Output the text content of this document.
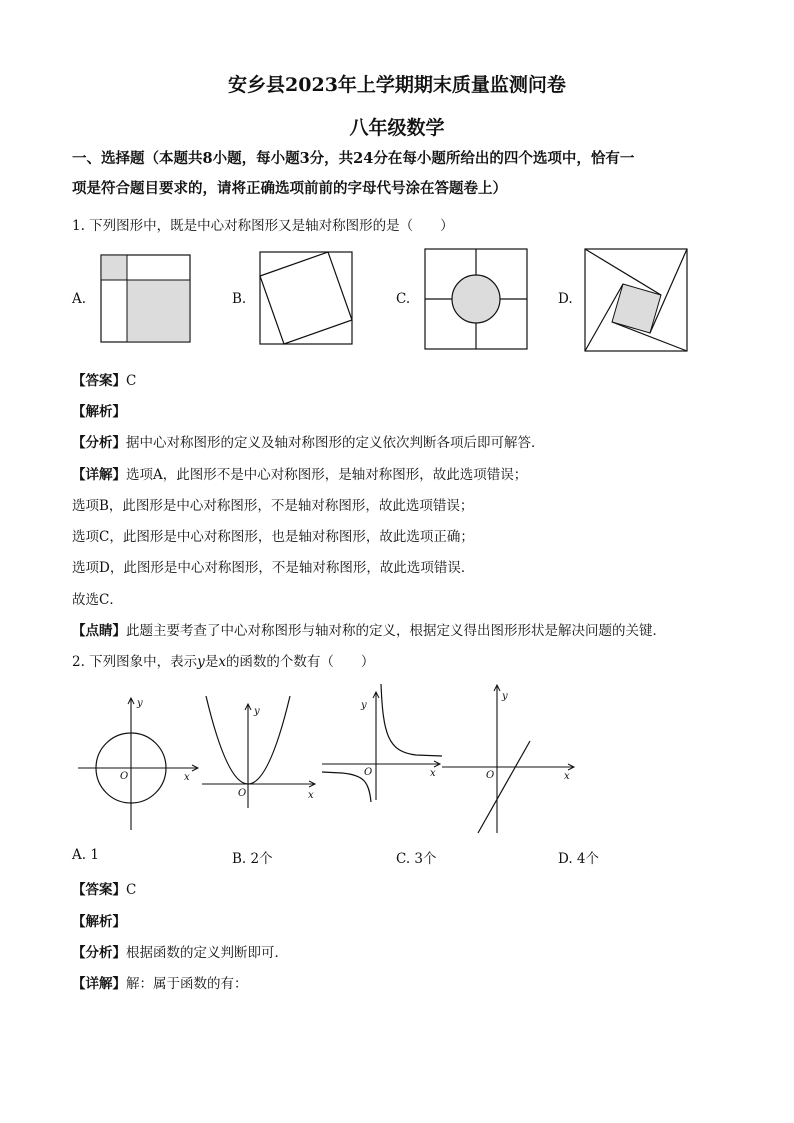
安乡县2023年上学期期末质量监测问卷
八年级数学
一、选择题（本题共8小题，每小题3分，共24分在每小题所给出的四个选项中，恰有一
项是符合题目要求的，请将正确选项前前的字母代号涂在答题卷上）
1. 下列图形中，既是中心对称图形又是轴对称图形的是（　　）
A.	B.	C.	D.
【答案】C
【解析】
【分析】据中心对称图形的定义及轴对称图形的定义依次判断各项后即可解答．
【详解】选项A，此图形不是中心对称图形，是轴对称图形，故此选项错误；
选项B，此图形是中心对称图形，不是轴对称图形，故此选项错误；
选项C，此图形是中心对称图形，也是轴对称图形，故此选项正确；
选项D，此图形是中心对称图形，不是轴对称图形，故此选项错误．
故选C．
【点睛】此题主要考查了中心对称图形与轴对称的定义，根据定义得出图形形状是解决问题的关键．
2. 下列图象中，表示y是x的函数的个数有（　　）
y
x
O
y
x
O
y
x
O
y
x
O
A. 1	B. 2个	C. 3个	D. 4个
【答案】C
【解析】
【分析】根据函数的定义判断即可．
【详解】解：属于函数的有：
